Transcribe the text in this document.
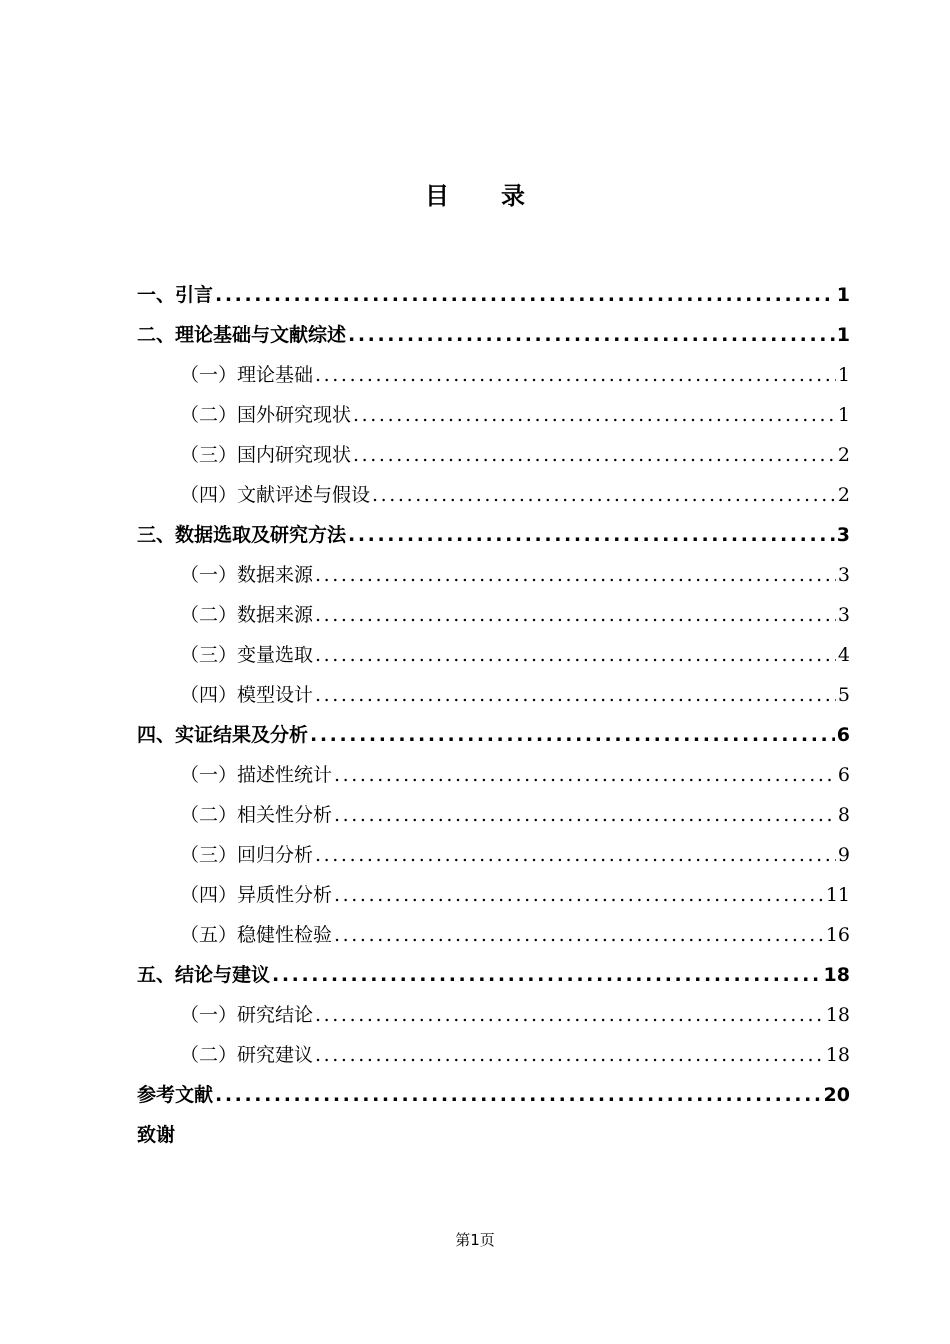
目 录
一、引言 .....	1
二、理论基础与文献综述 .....	1
（一）理论基础 .....	1
（二）国外研究现状 .....	1
（三）国内研究现状 .....	2
（四）文献评述与假设 .....	2
三、数据选取及研究方法 .....	3
（一）数据来源 .....	3
（二）数据来源 .....	3
（三）变量选取 .....	4
（四）模型设计 .....	5
四、实证结果及分析 .....	6
（一）描述性统计 .....	6
（二）相关性分析 .....	8
（三）回归分析 .....	9
（四）异质性分析 .....	11
（五）稳健性检验 .....	16
五、结论与建议 .....	18
（一）研究结论 .....	18
（二）研究建议 .....	18
参考文献 .....	20
致谢
第1页
